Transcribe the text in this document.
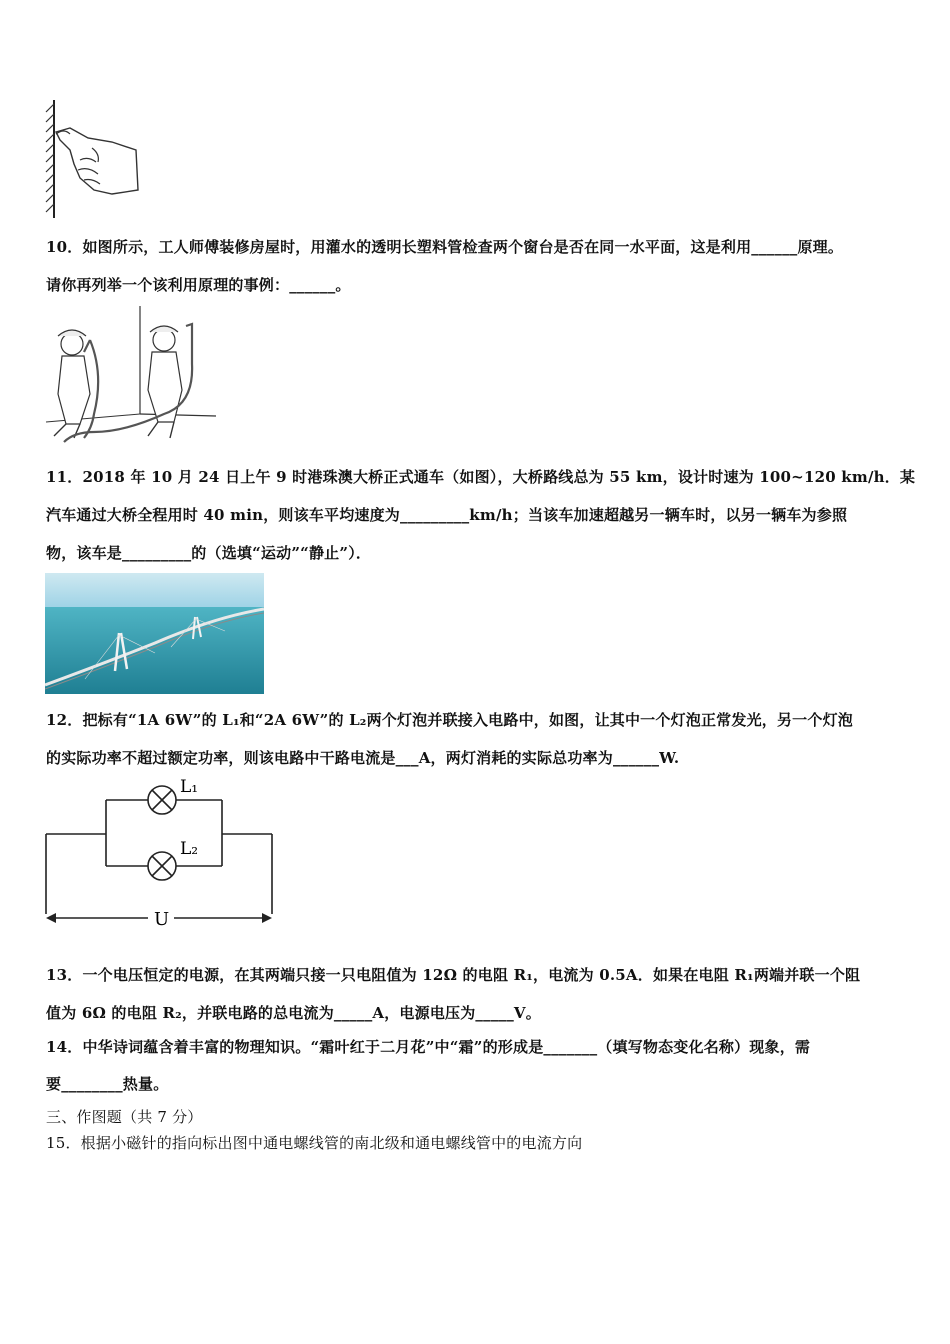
10．如图所示，工人师傅装修房屋时，用灌水的透明长塑料管检查两个窗台是否在同一水平面，这是利用______原理。
请你再列举一个该利用原理的事例：______。
11．2018 年 10 月 24 日上午 9 时港珠澳大桥正式通车（如图），大桥路线总为 55 km，设计时速为 100~120 km/h．某
汽车通过大桥全程用时 40 min，则该车平均速度为_________km/h；当该车加速超越另一辆车时，以另一辆车为参照
物，该车是_________的（选填“运动”“静止”）．
12．把标有“1A 6W”的 L₁和“2A 6W”的 L₂两个灯泡并联接入电路中，如图，让其中一个灯泡正常发光，另一个灯泡
的实际功率不超过额定功率，则该电路中干路电流是___A，两灯消耗的实际总功率为______W.
L₁
L₂
U
13．一个电压恒定的电源，在其两端只接一只电阻值为 12Ω 的电阻 R₁，电流为 0.5A．如果在电阻 R₁两端并联一个阻
值为 6Ω 的电阻 R₂，并联电路的总电流为_____A，电源电压为_____V。
14．中华诗词蕴含着丰富的物理知识。“霜叶红于二月花”中“霜”的形成是_______（填写物态变化名称）现象，需
要________热量。
三、作图题（共 7 分）
15．根据小磁针的指向标出图中通电螺线管的南北级和通电螺线管中的电流方向
